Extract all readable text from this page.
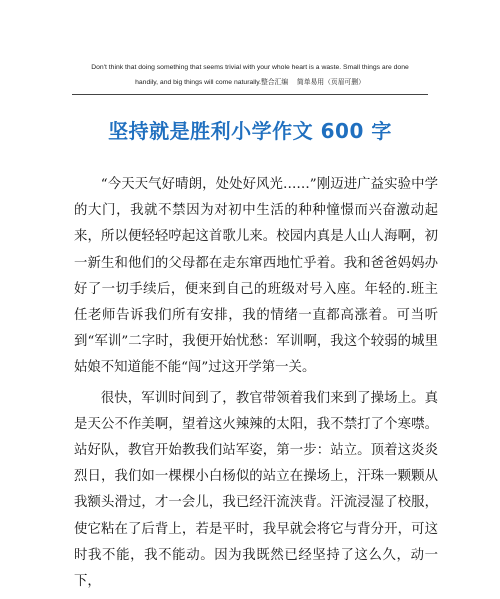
Don't think that doing something that seems trivial with your whole heart is a waste. Small things are done
handily, and big things will come naturally.整合汇编　 简单易用（页眉可删）
坚持就是胜利小学作文 600 字

“今天天气好晴朗，处处好风光……”刚迈进广益实验中学的大门，我就不禁因为对初中生活的种种憧憬而兴奋激动起来，所以便轻轻哼起这首歌儿来。校园内真是人山人海啊，初一新生和他们的父母都在走东窜西地忙乎着。我和爸爸妈妈办好了一切手续后，便来到自己的班级对号入座。年轻的.班主任老师告诉我们所有安排，我的情绪一直都高涨着。可当听到“军训”二字时，我便开始忧愁：军训啊，我这个较弱的城里姑娘不知道能不能“闯”过这开学第一关。

很快，军训时间到了，教官带领着我们来到了操场上。真是天公不作美啊，望着这火辣辣的太阳，我不禁打了个寒噤。站好队，教官开始教我们站军姿，第一步：站立。顶着这炎炎烈日，我们如一棵棵小白杨似的站立在操场上，汗珠一颗颗从我额头滑过，才一会儿，我已经汗流浃背。汗流浸湿了校服，使它粘在了后背上，若是平时，我早就会将它与背分开，可这时我不能，我不能动。因为我既然已经坚持了这么久，动一下，
